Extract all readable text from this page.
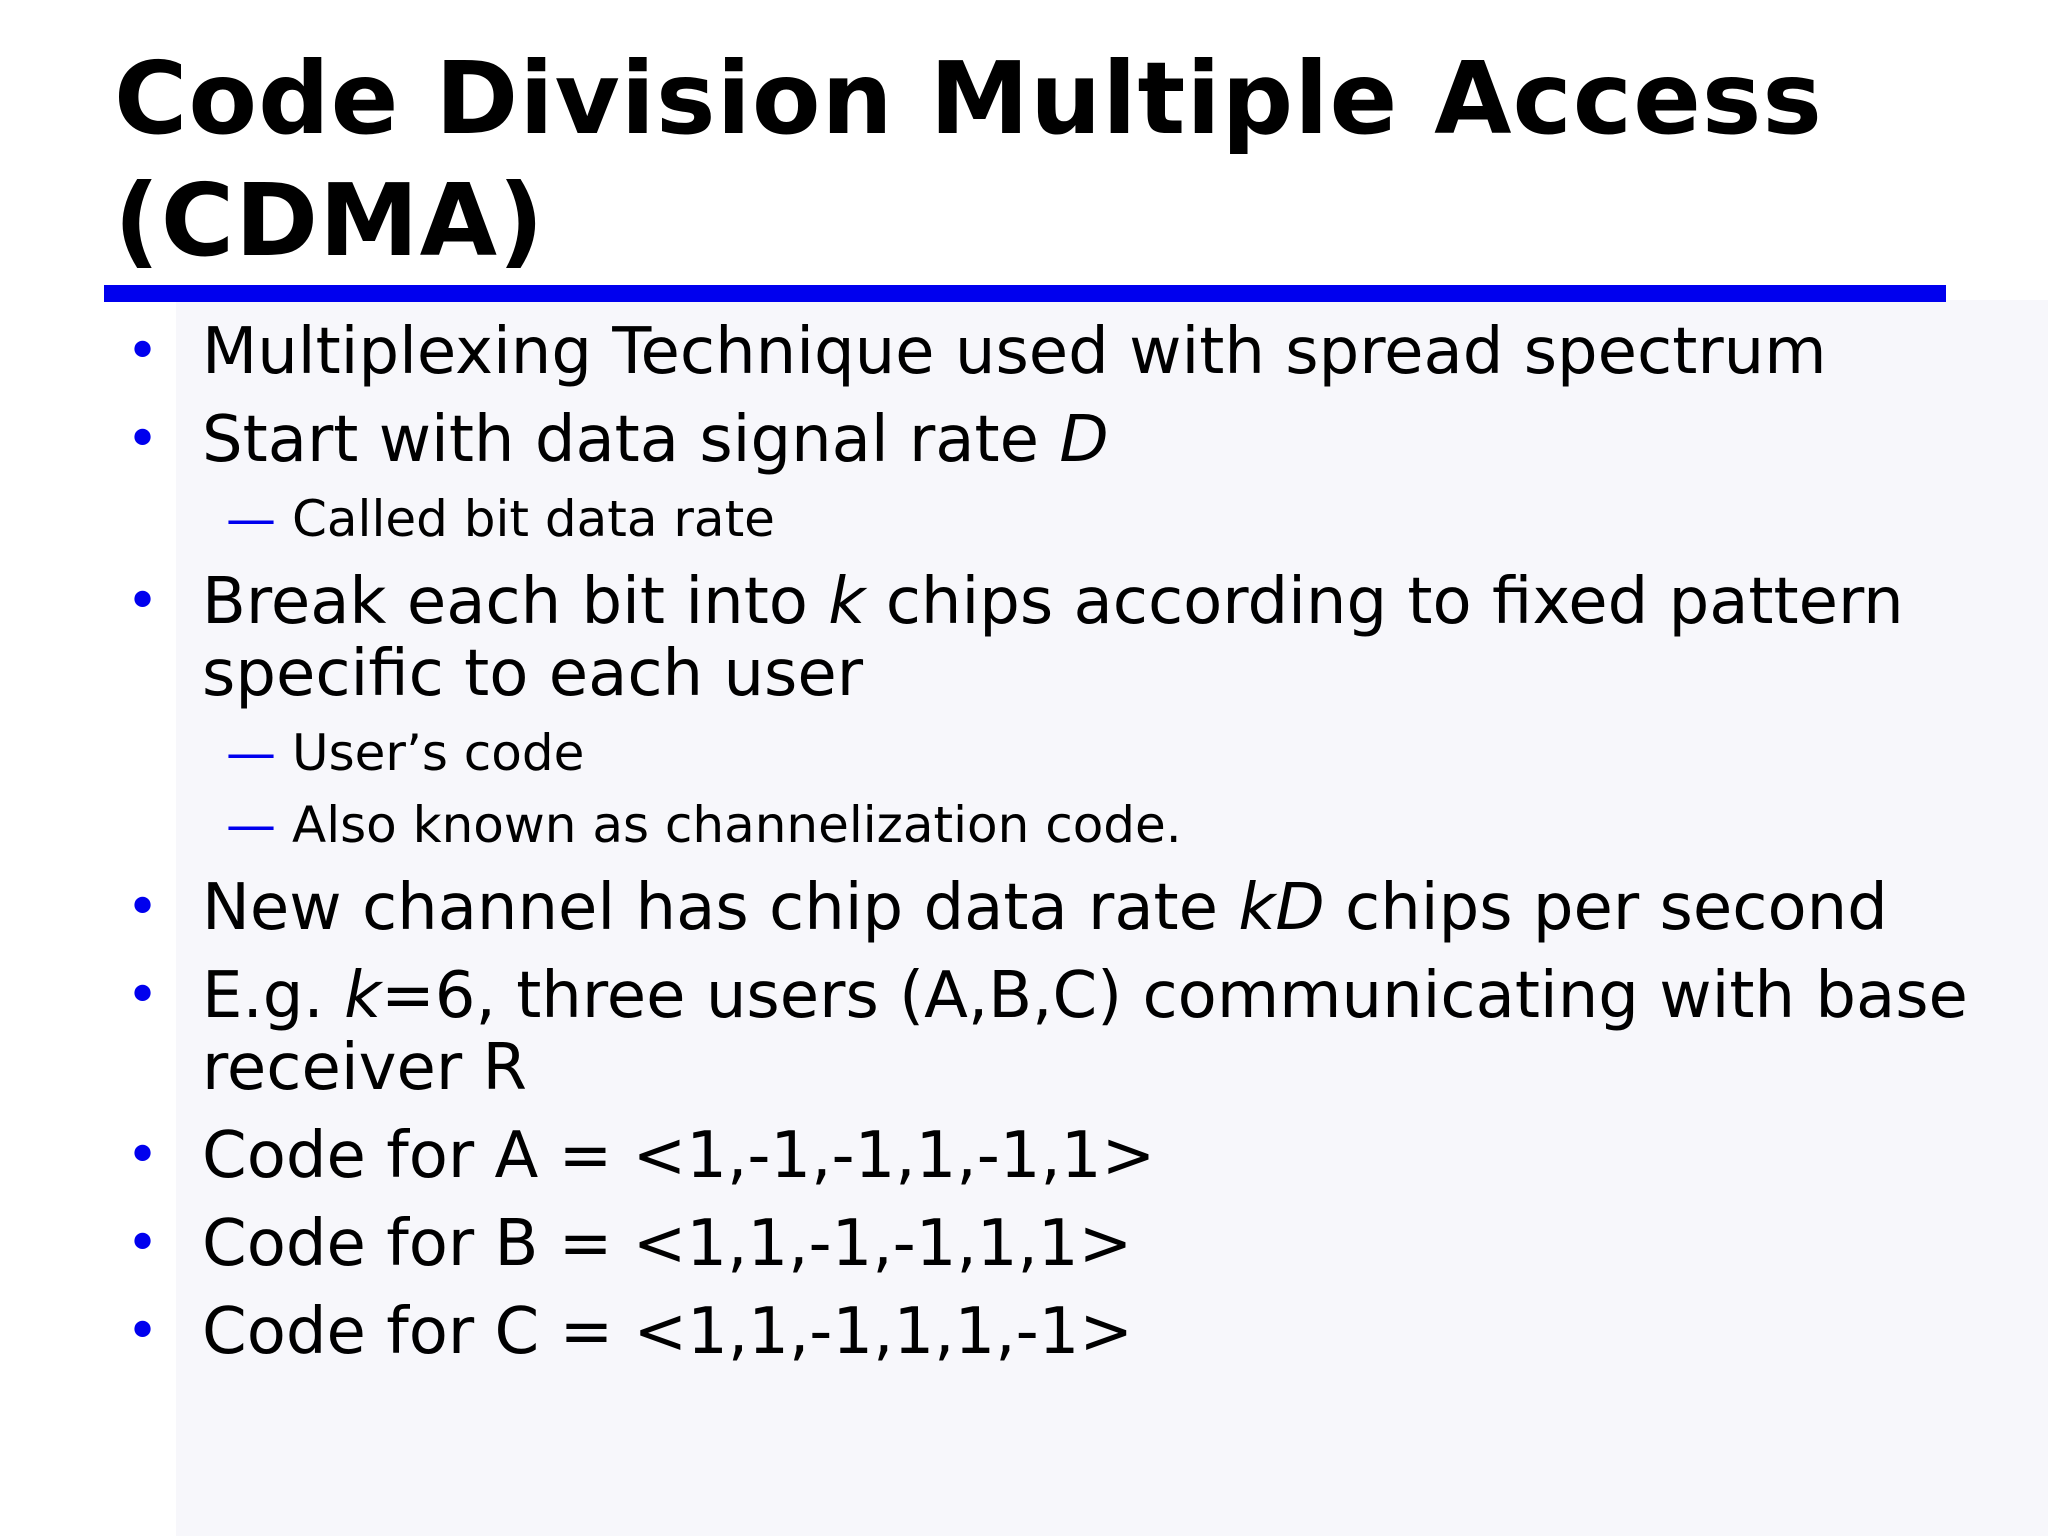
Code Division Multiple Access (CDMA)
• Multiplexing Technique used with spread spectrum
• Start with data signal rate D
— Called bit data rate
• Break each bit into k chips according to fixed pattern specific to each user
— User’s code
— Also known as channelization code.
• New channel has chip data rate kD chips per second
• E.g. k=6, three users (A,B,C) communicating with base receiver R
• Code for A = <1,-1,-1,1,-1,1>
• Code for B = <1,1,-1,-1,1,1>
• Code for C = <1,1,-1,1,1,-1>
